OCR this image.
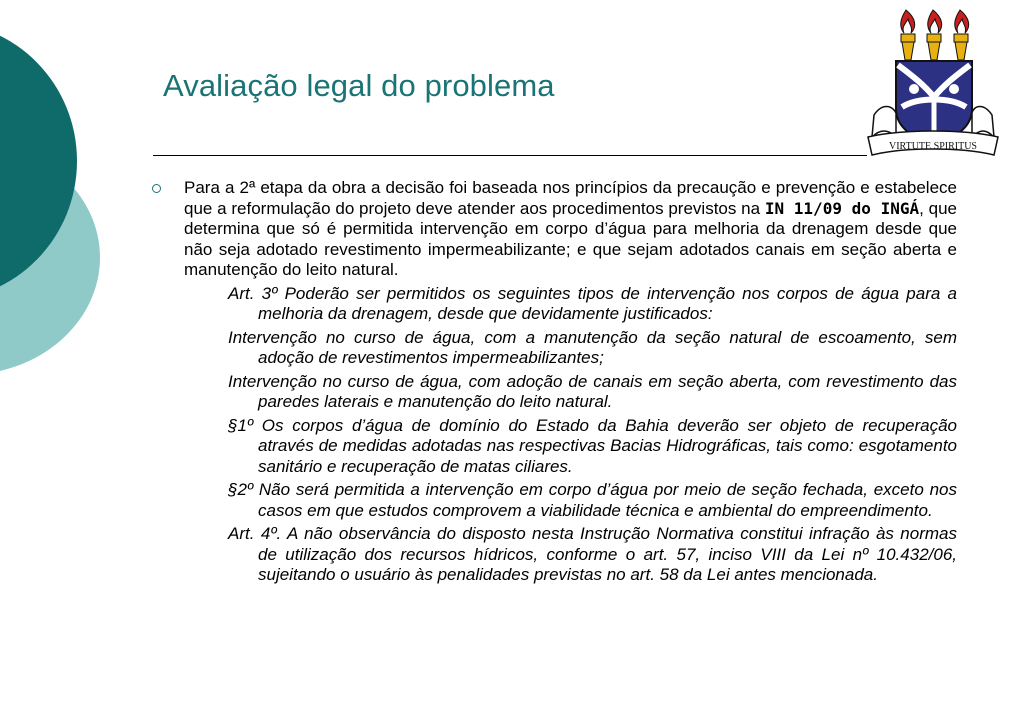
Avaliação legal do problema
VIRTUTE SPIRITUS
Para a 2ª etapa da obra a decisão foi baseada nos princípios da precaução e prevenção e estabelece que a reformulação do projeto deve atender aos procedimentos previstos na IN 11/09 do INGÁ, que determina que só é permitida intervenção em corpo d’água para melhoria da drenagem desde que não seja adotado revestimento impermeabilizante; e que sejam adotados canais em seção aberta e manutenção do leito natural.
Art. 3º Poderão ser permitidos os seguintes tipos de intervenção nos corpos de água para a melhoria da drenagem, desde que devidamente justificados:
Intervenção no curso de água, com a manutenção da seção natural de escoamento, sem adoção de revestimentos impermeabilizantes;
Intervenção no curso de água, com adoção de canais em seção aberta, com revestimento das paredes laterais e manutenção do leito natural.
§1º Os corpos d’água de domínio do Estado da Bahia deverão ser objeto de recuperação através de medidas adotadas nas respectivas Bacias Hidrográficas, tais como: esgotamento sanitário e recuperação de matas ciliares.
§2º Não será permitida a intervenção em corpo d’água por meio de seção fechada, exceto nos casos em que estudos comprovem a viabilidade técnica e ambiental do empreendimento.
Art. 4º. A não observância do disposto nesta Instrução Normativa constitui infração às normas de utilização dos recursos hídricos, conforme o art. 57, inciso VIII da Lei nº 10.432/06, sujeitando o usuário às penalidades previstas no art. 58 da Lei antes mencionada.
